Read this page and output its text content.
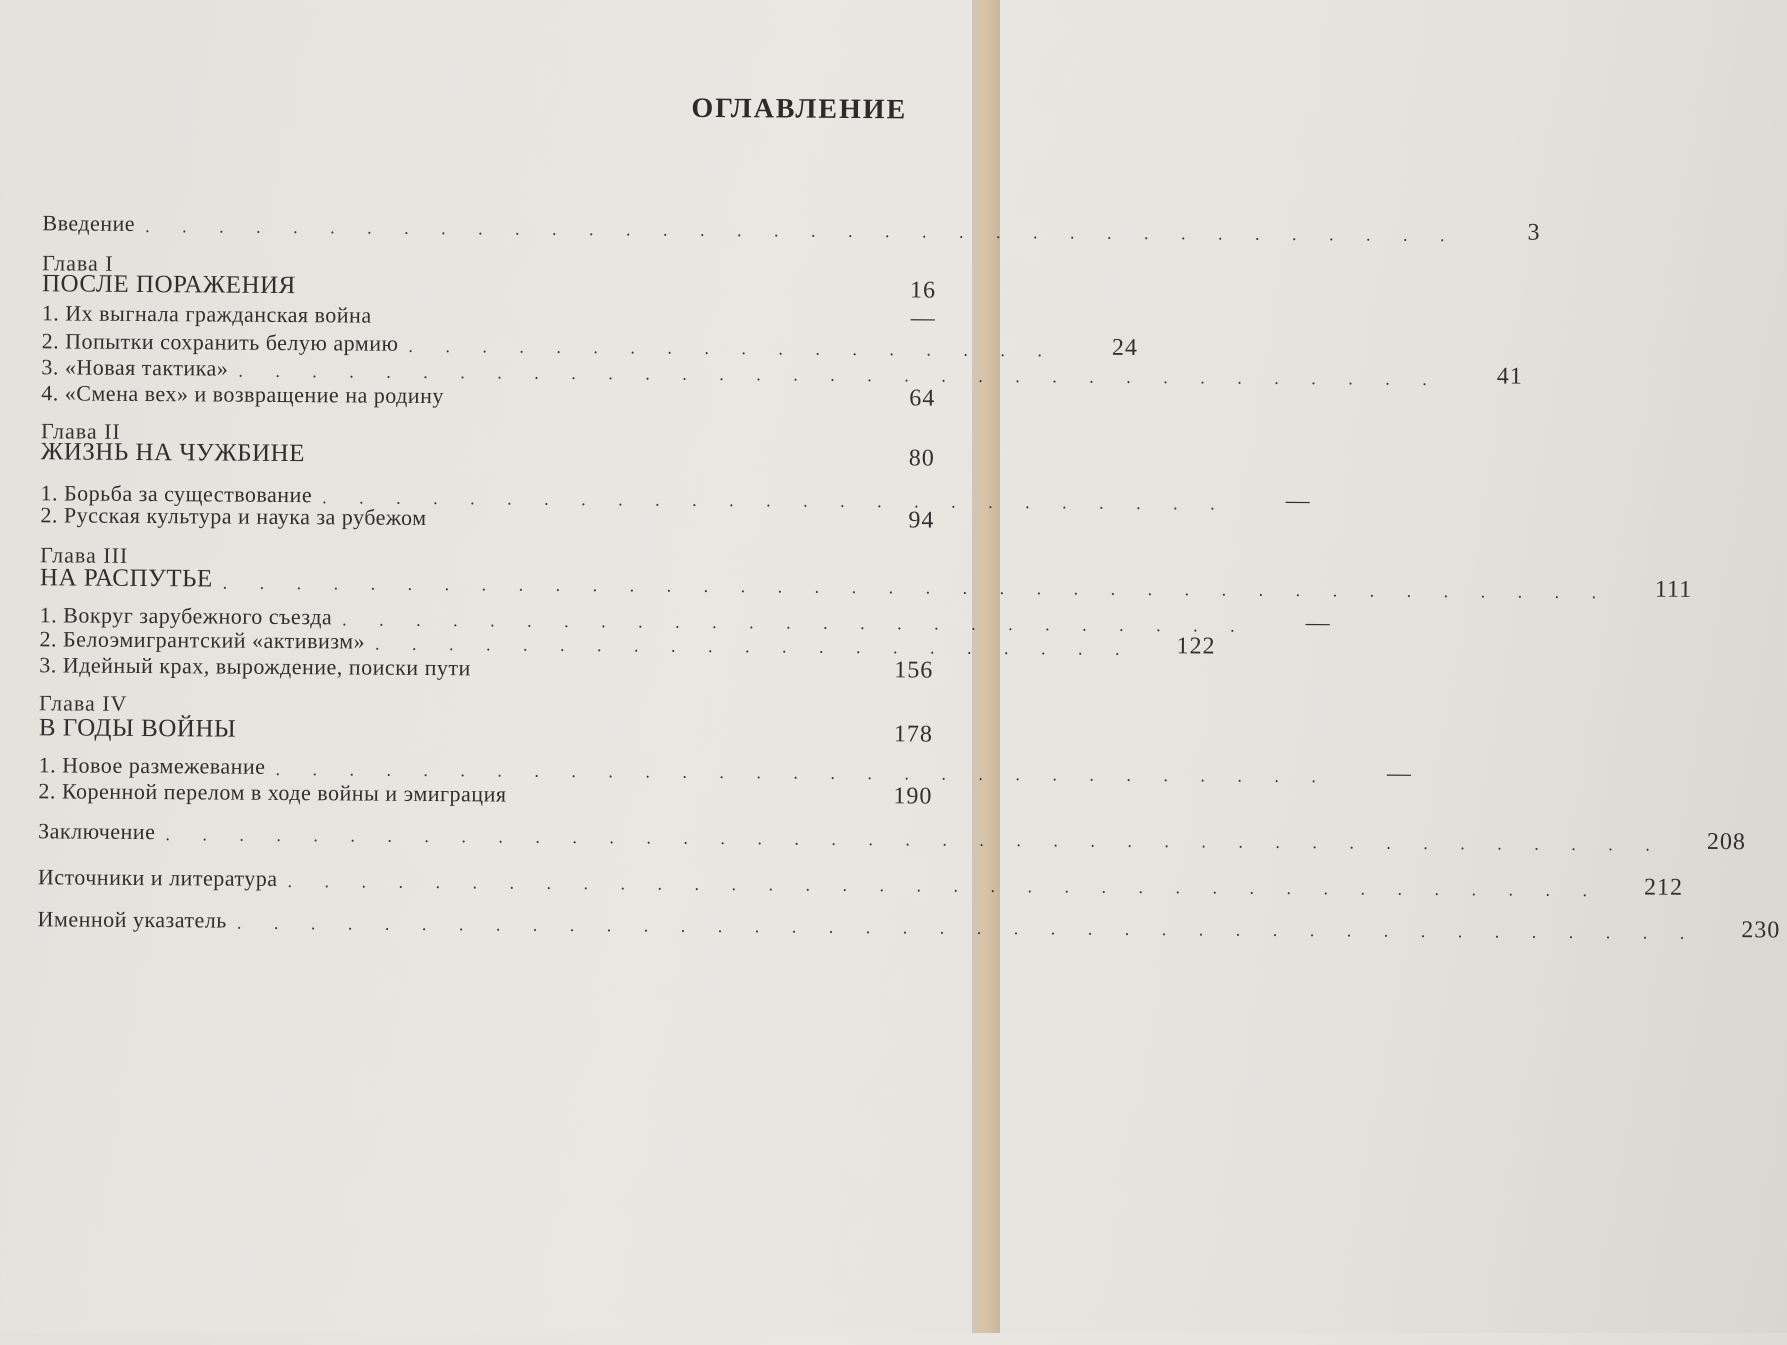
ОГЛАВЛЕНИЕ
Введение . . . . . . . . . . . . . . . . . . . . . . . . . . . . . . . . . . . .	3
Глава I
ПОСЛЕ ПОРАЖЕНИЯ	16
1. Их выгнала гражданская война	—
2. Попытки сохранить белую армию . . . . . . . . . . . . . . . . . .	24
3. «Новая тактика» . . . . . . . . . . . . . . . . . . . . . . . . . . . . . . . . .	41
4. «Смена вех» и возвращение на родину	64
Глава II
ЖИЗНЬ НА ЧУЖБИНЕ	80
1. Борьба за существование . . . . . . . . . . . . . . . . . . . . . . . . .	—
2. Русская культура и наука за рубежом	94
Глава III
НА РАСПУТЬЕ . . . . . . . . . . . . . . . . . . . . . . . . . . . . . . . . . . . . . .	111
1. Вокруг зарубежного съезда . . . . . . . . . . . . . . . . . . . . . . . . .	—
2. Белоэмигрантский «активизм» . . . . . . . . . . . . . . . . . . . . .	122
3. Идейный крах, вырождение, поиски пути	156
Глава IV
В ГОДЫ ВОЙНЫ	178
1. Новое размежевание . . . . . . . . . . . . . . . . . . . . . . . . . . . . .	—
2. Коренной перелом в ходе войны и эмиграция	190
Заключение . . . . . . . . . . . . . . . . . . . . . . . . . . . . . . . . . . . . . . . . .	208
Источники и литература . . . . . . . . . . . . . . . . . . . . . . . . . . . . . . . . . . . .	212
Именной указатель . . . . . . . . . . . . . . . . . . . . . . . . . . . . . . . . . . . . . . . .	230
